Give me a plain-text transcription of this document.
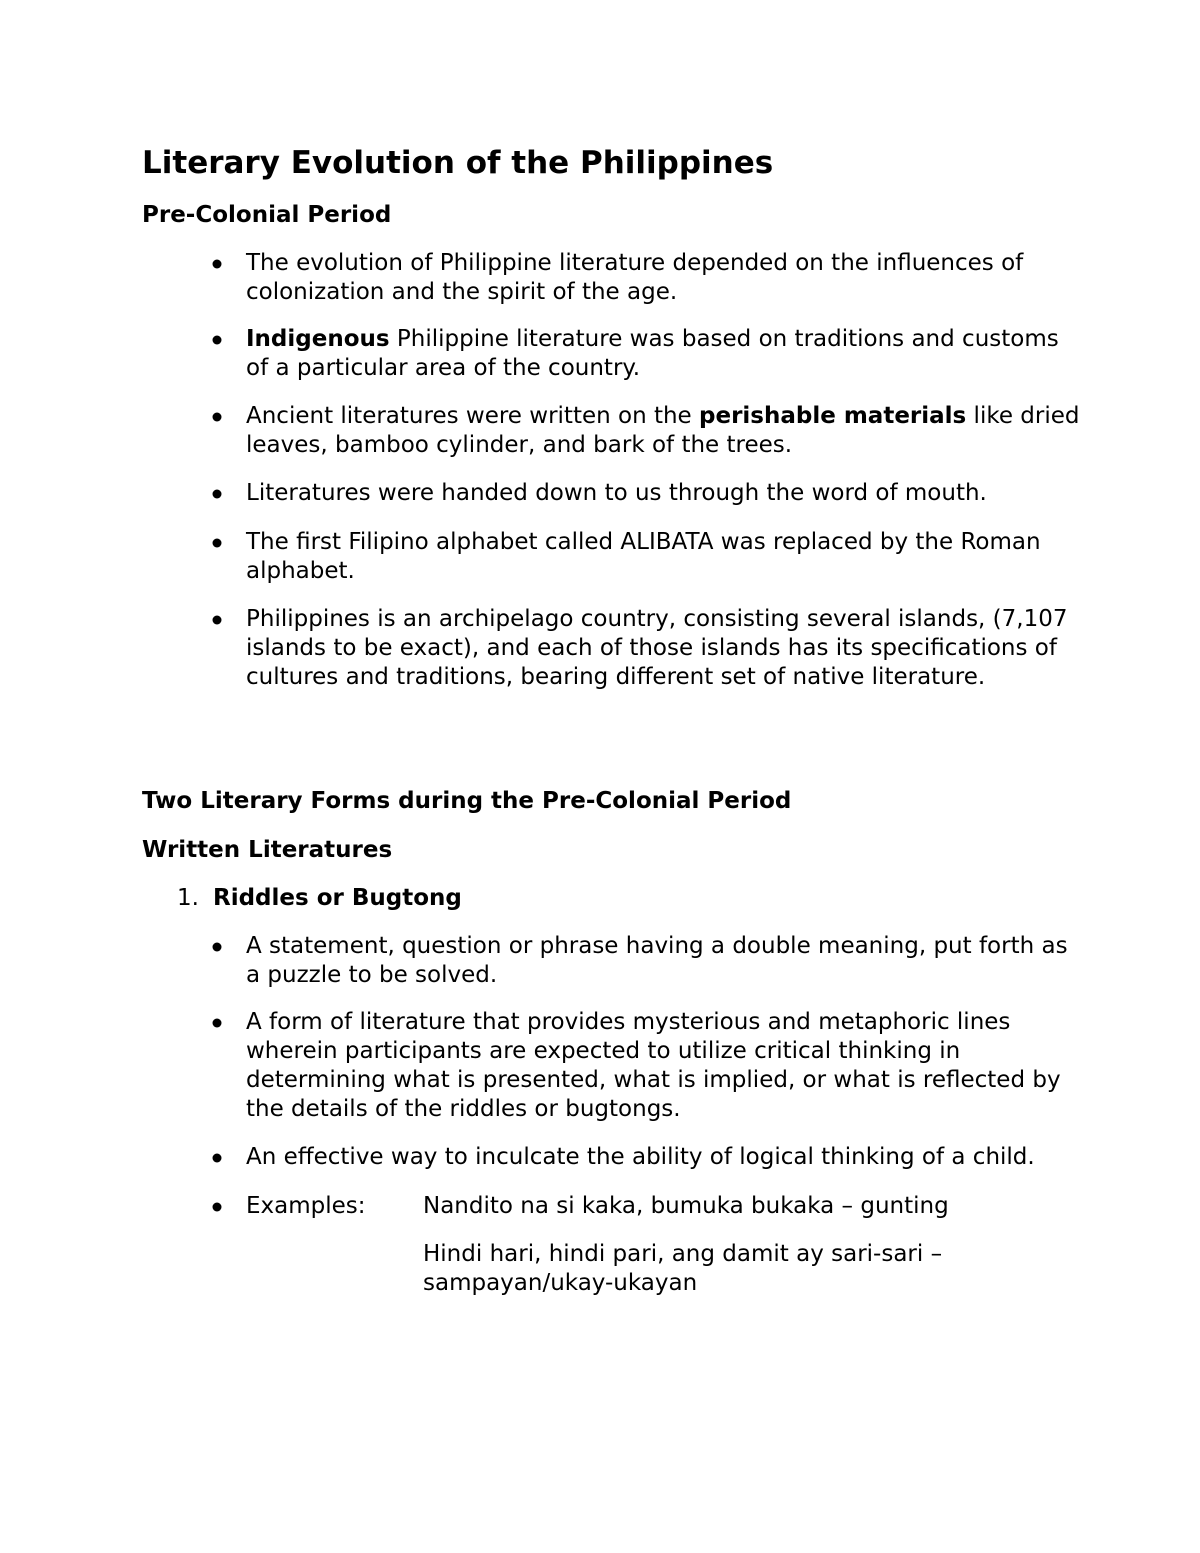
Literary Evolution of the Philippines
Pre-Colonial Period

The evolution of Philippine literature depended on the influences of colonization and the spirit of the age.

Indigenous Philippine literature was based on traditions and customs of a particular area of the country.

Ancient literatures were written on the perishable materials like dried leaves, bamboo cylinder, and bark of the trees.

Literatures were handed down to us through the word of mouth.

The first Filipino alphabet called ALIBATA was replaced by the Roman alphabet.

Philippines is an archipelago country, consisting several islands, (7,107 islands to be exact), and each of those islands has its specifications of cultures and traditions, bearing different set of native literature.

Two Literary Forms during the Pre-Colonial Period
Written Literatures
1. Riddles or Bugtong

A statement, question or phrase having a double meaning, put forth as a puzzle to be solved.

A form of literature that provides mysterious and metaphoric lines wherein participants are expected to utilize critical thinking in determining what is presented, what is implied, or what is reflected by the details of the riddles or bugtongs.

An effective way to inculcate the ability of logical thinking of a child.

Examples: Nandito na si kaka, bumuka bukaka – gunting

Hindi hari, hindi pari, ang damit ay sari-sari – sampayan/ukay-ukayan
